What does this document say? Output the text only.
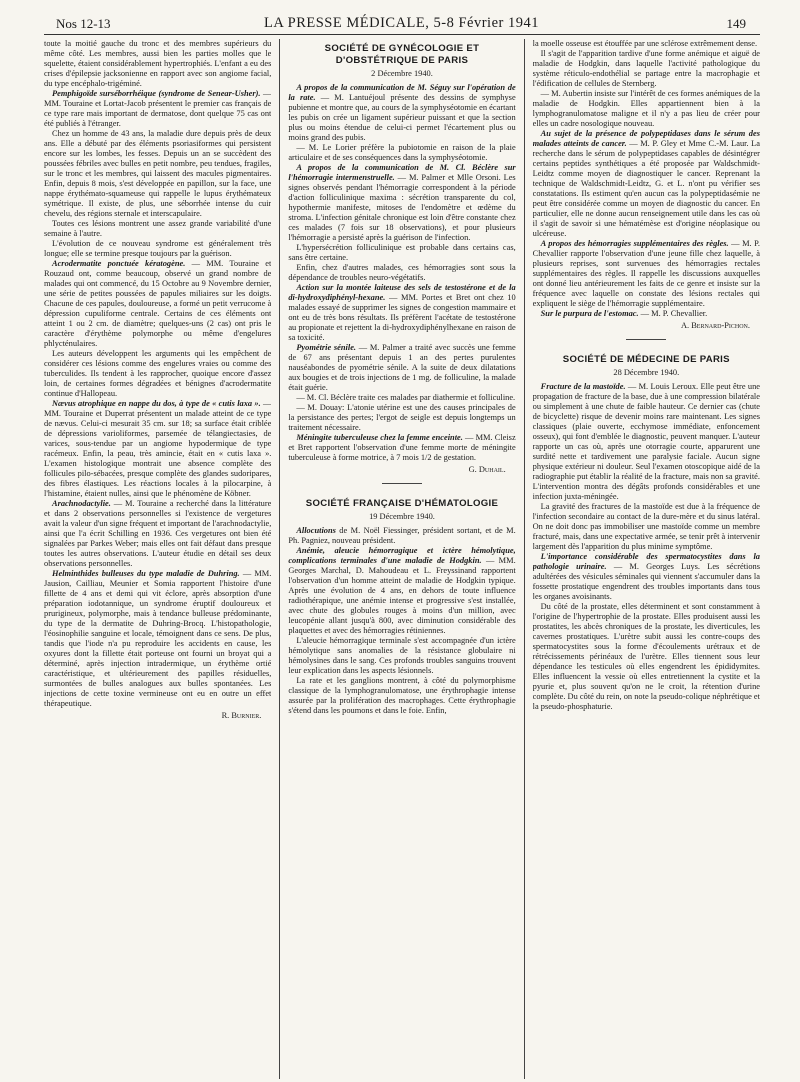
Nos 12-13	LA PRESSE MÉDICALE, 5-8 Février 1941	149

toute la moitié gauche du tronc et des membres supérieurs du même côté. Les membres, aussi bien les parties molles que le squelette, étaient considérablement hypertrophiés. L'enfant a eu des crises d'épilepsie jacksonienne en rapport avec son angiome facial, du type encéphalo-trigéminé.

Pemphigoïde surséborrhéique (syndrome de Senear-Usher). — MM. Touraine et Lortat-Jacob présentent le premier cas français de ce type rare mais important de dermatose, dont quelque 75 cas ont été publiés à l'étranger.

Chez un homme de 43 ans, la maladie dure depuis près de deux ans. Elle a débuté par des éléments psoriasiformes qui persistent encore sur les lombes, les fesses. Depuis un an se succèdent des poussées fébriles avec bulles en petit nombre, peu tendues, fragiles, sur le tronc et les membres, qui laissent des macules pigmentaires. Enfin, depuis 8 mois, s'est développée en papillon, sur la face, une nappe érythémato-squameuse qui rappelle le lupus érythémateux symétrique. Il existe, de plus, une séborrhée intense du cuir chevelu, des régions sternale et interscapulaire.

Toutes ces lésions montrent une assez grande variabilité d'une semaine à l'autre.

L'évolution de ce nouveau syndrome est généralement très longue; elle se termine presque toujours par la guérison.

Acrodermatite ponctuée kératogène. — MM. Touraine et Rouzaud ont, comme beaucoup, observé un grand nombre de malades qui ont commencé, du 15 Octobre au 9 Novembre dernier, une série de petites poussées de papules miliaires sur les doigts. Chacune de ces papules, douloureuse, a formé un petit verrucome à dépression cupuliforme centrale. Certains de ces éléments ont atteint 1 ou 2 cm. de diamètre; quelques-uns (2 cas) ont pris le caractère d'érythème polymorphe ou même d'engelures phlycténulaires.

Les auteurs développent les arguments qui les empêchent de considérer ces lésions comme des engelures vraies ou comme des tuberculides. Ils tendent à les rapprocher, quoique encore d'assez loin, de certaines formes dégradées et bénignes d'acrodermatite continue d'Hallopeau.

Nævus atrophique en nappe du dos, à type de « cutis laxa ». — MM. Touraine et Duperrat présentent un malade atteint de ce type de nævus. Celui-ci mesurait 35 cm. sur 18; sa surface était criblée de dépressions varioliformes, parsemée de télangiectasies, de varices, sous-tendue par un angiome hypodermique de type racémeux. Enfin, la peau, très amincie, était en « cutis laxa ». L'examen histologique montrait une absence complète des follicules pilo-sébacées, presque complète des glandes sudoripares, des fibres élastiques. Les réactions locales à la pilocarpine, à l'histamine, étaient nulles, ainsi que le phénomène de Köbner.

Arachnodactylie. — M. Touraine a recherché dans la littérature et dans 2 observations personnelles si l'existence de vergetures avait la valeur d'un signe fréquent et important de l'arachnodactylie, ainsi que l'a écrit Schilling en 1936. Ces vergetures ont bien été signalées par Parkes Weber; mais elles ont fait défaut dans presque toutes les autres observations. L'auteur étudie en détail ses deux observations personnelles.

Helminthides bulleuses du type maladie de Duhring. — MM. Jausion, Cailliau, Meunier et Somia rapportent l'histoire d'une fillette de 4 ans et demi qui vit éclore, après absorption d'une préparation iodotannique, un syndrome éruptif douloureux et prurigineux, polymorphe, mais à tendance bulleuse prédominante, du type de la dermatite de Duhring-Brocq. L'histopathologie, l'éosinophilie sanguine et locale, témoignent dans ce sens. De plus, tandis que l'iode n'a pu reproduire les accidents en cause, les oxyures dont la fillette était porteuse ont fourni un broyat qui a déterminé, après injection intradermique, un érythème ortié caractéristique, et ultérieurement des papilles résiduelles, surmontées de bulles analogues aux bulles spontanées. Les injections de cette toxine vermineuse ont eu en outre un effet thérapeutique.

R. Burnier.
SOCIÉTÉ DE GYNÉCOLOGIE ET D'OBSTÉTRIQUE DE PARIS
2 Décembre 1940.

A propos de la communication de M. Séguy sur l'opération de la rate. — M. Lantuéjoul présente des dessins de symphyse pubienne et montre que, au cours de la symphyséotomie en écartant les pubis on crée un ligament supérieur puissant et que la section plus ou moins étendue de celui-ci permet l'écartement plus ou moins grand des pubis.

— M. Le Lorier préfère la pubiotomie en raison de la plaie articulaire et de ses conséquences dans la symphyséotomie.

A propos de la communication de M. Cl. Béclère sur l'hémorragie intermenstruelle. — M. Palmer et Mlle Orsoni. Les signes observés pendant l'hémorragie correspondent à la période d'action folliculinique maxima : sécrétion transparente du col, hypothermie manifeste, mitoses de l'endomètre et œdème du stroma. L'infection génitale chronique est loin d'être constante chez ces malades (7 fois sur 18 observations), et pour plusieurs l'hémorragie a persisté après la guérison de l'infection.

L'hypersécrétion folliculinique est probable dans certains cas, sans être certaine.

Enfin, chez d'autres malades, ces hémorragies sont sous la dépendance de troubles neuro-végétatifs.

Action sur la montée laiteuse des sels de testostérone et de la di-hydroxydiphényl-hexane. — MM. Portes et Bret ont chez 10 malades essayé de supprimer les signes de congestion mammaire et ont eu de très bons résultats. Ils préfèrent l'acétate de testostérone au propionate et rejettent la di-hydroxydiphénylhexane en raison de sa toxicité.

Pyométrie sénile. — M. Palmer a traité avec succès une femme de 67 ans présentant depuis 1 an des pertes purulentes nauséabondes de pyométrie sénile. A la suite de deux dilatations aux bougies et de trois injections de 1 mg. de folliculine, la malade était guérie.

— M. Cl. Béclère traite ces malades par diathermie et folliculine.

— M. Douay: L'atonie utérine est une des causes principales de la persistance des pertes; l'ergot de seigle est depuis longtemps un traitement nécessaire.

Méningite tuberculeuse chez la femme enceinte. — MM. Cleisz et Bret rapportent l'observation d'une femme morte de méningite tuberculeuse à forme motrice, à 7 mois 1/2 de gestation.

G. Duhail.
SOCIÉTÉ FRANÇAISE D'HÉMATOLOGIE
19 Décembre 1940.

Allocutions de M. Noël Fiessinger, président sortant, et de M. Ph. Pagniez, nouveau président.

Anémie, aleucie hémorragique et ictère hémolytique, complications terminales d'une maladie de Hodgkin. — MM. Georges Marchal, D. Mahoudeau et L. Freyssinand rapportent l'observation d'un homme atteint de maladie de Hodgkin typique. Après une évolution de 4 ans, en dehors de toute influence radiothérapique, une anémie intense et progressive s'est installée, avec chute des globules rouges à moins d'un million, avec leucopénie allant jusqu'à 800, avec diminution considérable des plaquettes et avec des hémorragies rétiniennes.

L'aleucie hémorragique terminale s'est accompagnée d'un ictère hémolytique sans anomalies de la résistance globulaire ni hémolysines dans le sang. Ces profonds troubles sanguins trouvent leur explication dans les aspects lésionnels.

La rate et les ganglions montrent, à côté du polymorphisme classique de la lymphogranulomatose, une érythrophagie intense assurée par la prolifération des macrophages. Cette érythrophagie s'étend dans les poumons et dans le foie. Enfin,

la moelle osseuse est étouffée par une sclérose extrêmement dense.

Il s'agit de l'apparition tardive d'une forme anémique et aiguë de maladie de Hodgkin, dans laquelle l'activité pathologique du système réticulo-endothélial se partage entre la macrophagie et l'édification de cellules de Sternberg.

— M. Aubertin insiste sur l'intérêt de ces formes anémiques de la maladie de Hodgkin. Elles appartiennent bien à la lymphogranulomatose maligne et il n'y a pas lieu de créer pour elles un cadre nosologique nouveau.

Au sujet de la présence de polypeptidases dans le sérum des malades atteints de cancer. — M. P. Gley et Mme C.-M. Laur. La recherche dans le sérum de polypeptidases capables de désintégrer certains peptides synthétiques a été proposée par Waldschmidt-Leidtz comme moyen de diagnostiquer le cancer. Reprenant la technique de Waldschmidt-Leidtz, G. et L. n'ont pu vérifier ses constatations. Ils estiment qu'en aucun cas la polypeptidasémie ne peut être considérée comme un moyen de diagnostic du cancer. En particulier, elle ne donne aucun renseignement utile dans les cas où il s'agit de savoir si une hématémèse est d'origine néoplasique ou ulcéreuse.

A propos des hémorragies supplémentaires des règles. — M. P. Chevallier rapporte l'observation d'une jeune fille chez laquelle, à plusieurs reprises, sont survenues des hémorragies rectales supplémentaires des règles. Il rappelle les discussions auxquelles ont donné lieu antérieurement les faits de ce genre et insiste sur la fréquence avec laquelle on constate des lésions rectales qui expliquent le siège de l'hémorragie supplémentaire.

Sur le purpura de l'estomac. — M. P. Chevallier.

A. Bernard-Pichon.
SOCIÉTÉ DE MÉDECINE DE PARIS
28 Décembre 1940.

Fracture de la mastoïde. — M. Louis Leroux. Elle peut être une propagation de fracture de la base, due à une compression bilatérale ou simplement à une chute de faible hauteur. Ce dernier cas (chute de bicyclette) risque de devenir moins rare maintenant. Les signes classiques (plaie ouverte, ecchymose immédiate, enfoncement osseux), qui font d'emblée le diagnostic, peuvent manquer. L'auteur rapporte un cas où, après une otorragie courte, apparurent une surdité nette et tardivement une paralysie faciale. Aucun signe physique extérieur ni douleur. Seul l'examen otoscopique aidé de la radiographie put établir la réalité de la fracture, mais non sa gravité. L'intervention montra des dégâts profonds considérables et une infection juxta-méningée.

La gravité des fractures de la mastoïde est due à la fréquence de l'infection secondaire au contact de la dure-mère et du sinus latéral. On ne doit donc pas immobiliser une mastoïde comme un membre fracturé, mais, dans une expectative armée, se tenir prêt à intervenir largement dès l'apparition du plus minime symptôme.

L'importance considérable des spermatocystites dans la pathologie urinaire. — M. Georges Luys. Les sécrétions adultérées des vésicules séminales qui viennent s'accumuler dans la fossette prostatique engendrent des troubles importants dans tous les organes avoisinants.

Du côté de la prostate, elles déterminent et sont constamment à l'origine de l'hypertrophie de la prostate. Elles produisent aussi les prostatites, les abcès chroniques de la prostate, les diverticules, les cavernes prostatiques. L'urètre subit aussi les contre-coups des spermatocystites sous la forme d'écoulements urétraux et de rétrécissements périnéaux de l'urètre. Elles tiennent sous leur dépendance les testicules où elles engendrent les épididymites. Elles influencent la vessie où elles entretiennent la cystite et la pyurie et, plus souvent qu'on ne le croit, la rétention d'urine complète. Du côté du rein, on note la pseudo-colique néphrétique et la pseudo-phosphaturie.
